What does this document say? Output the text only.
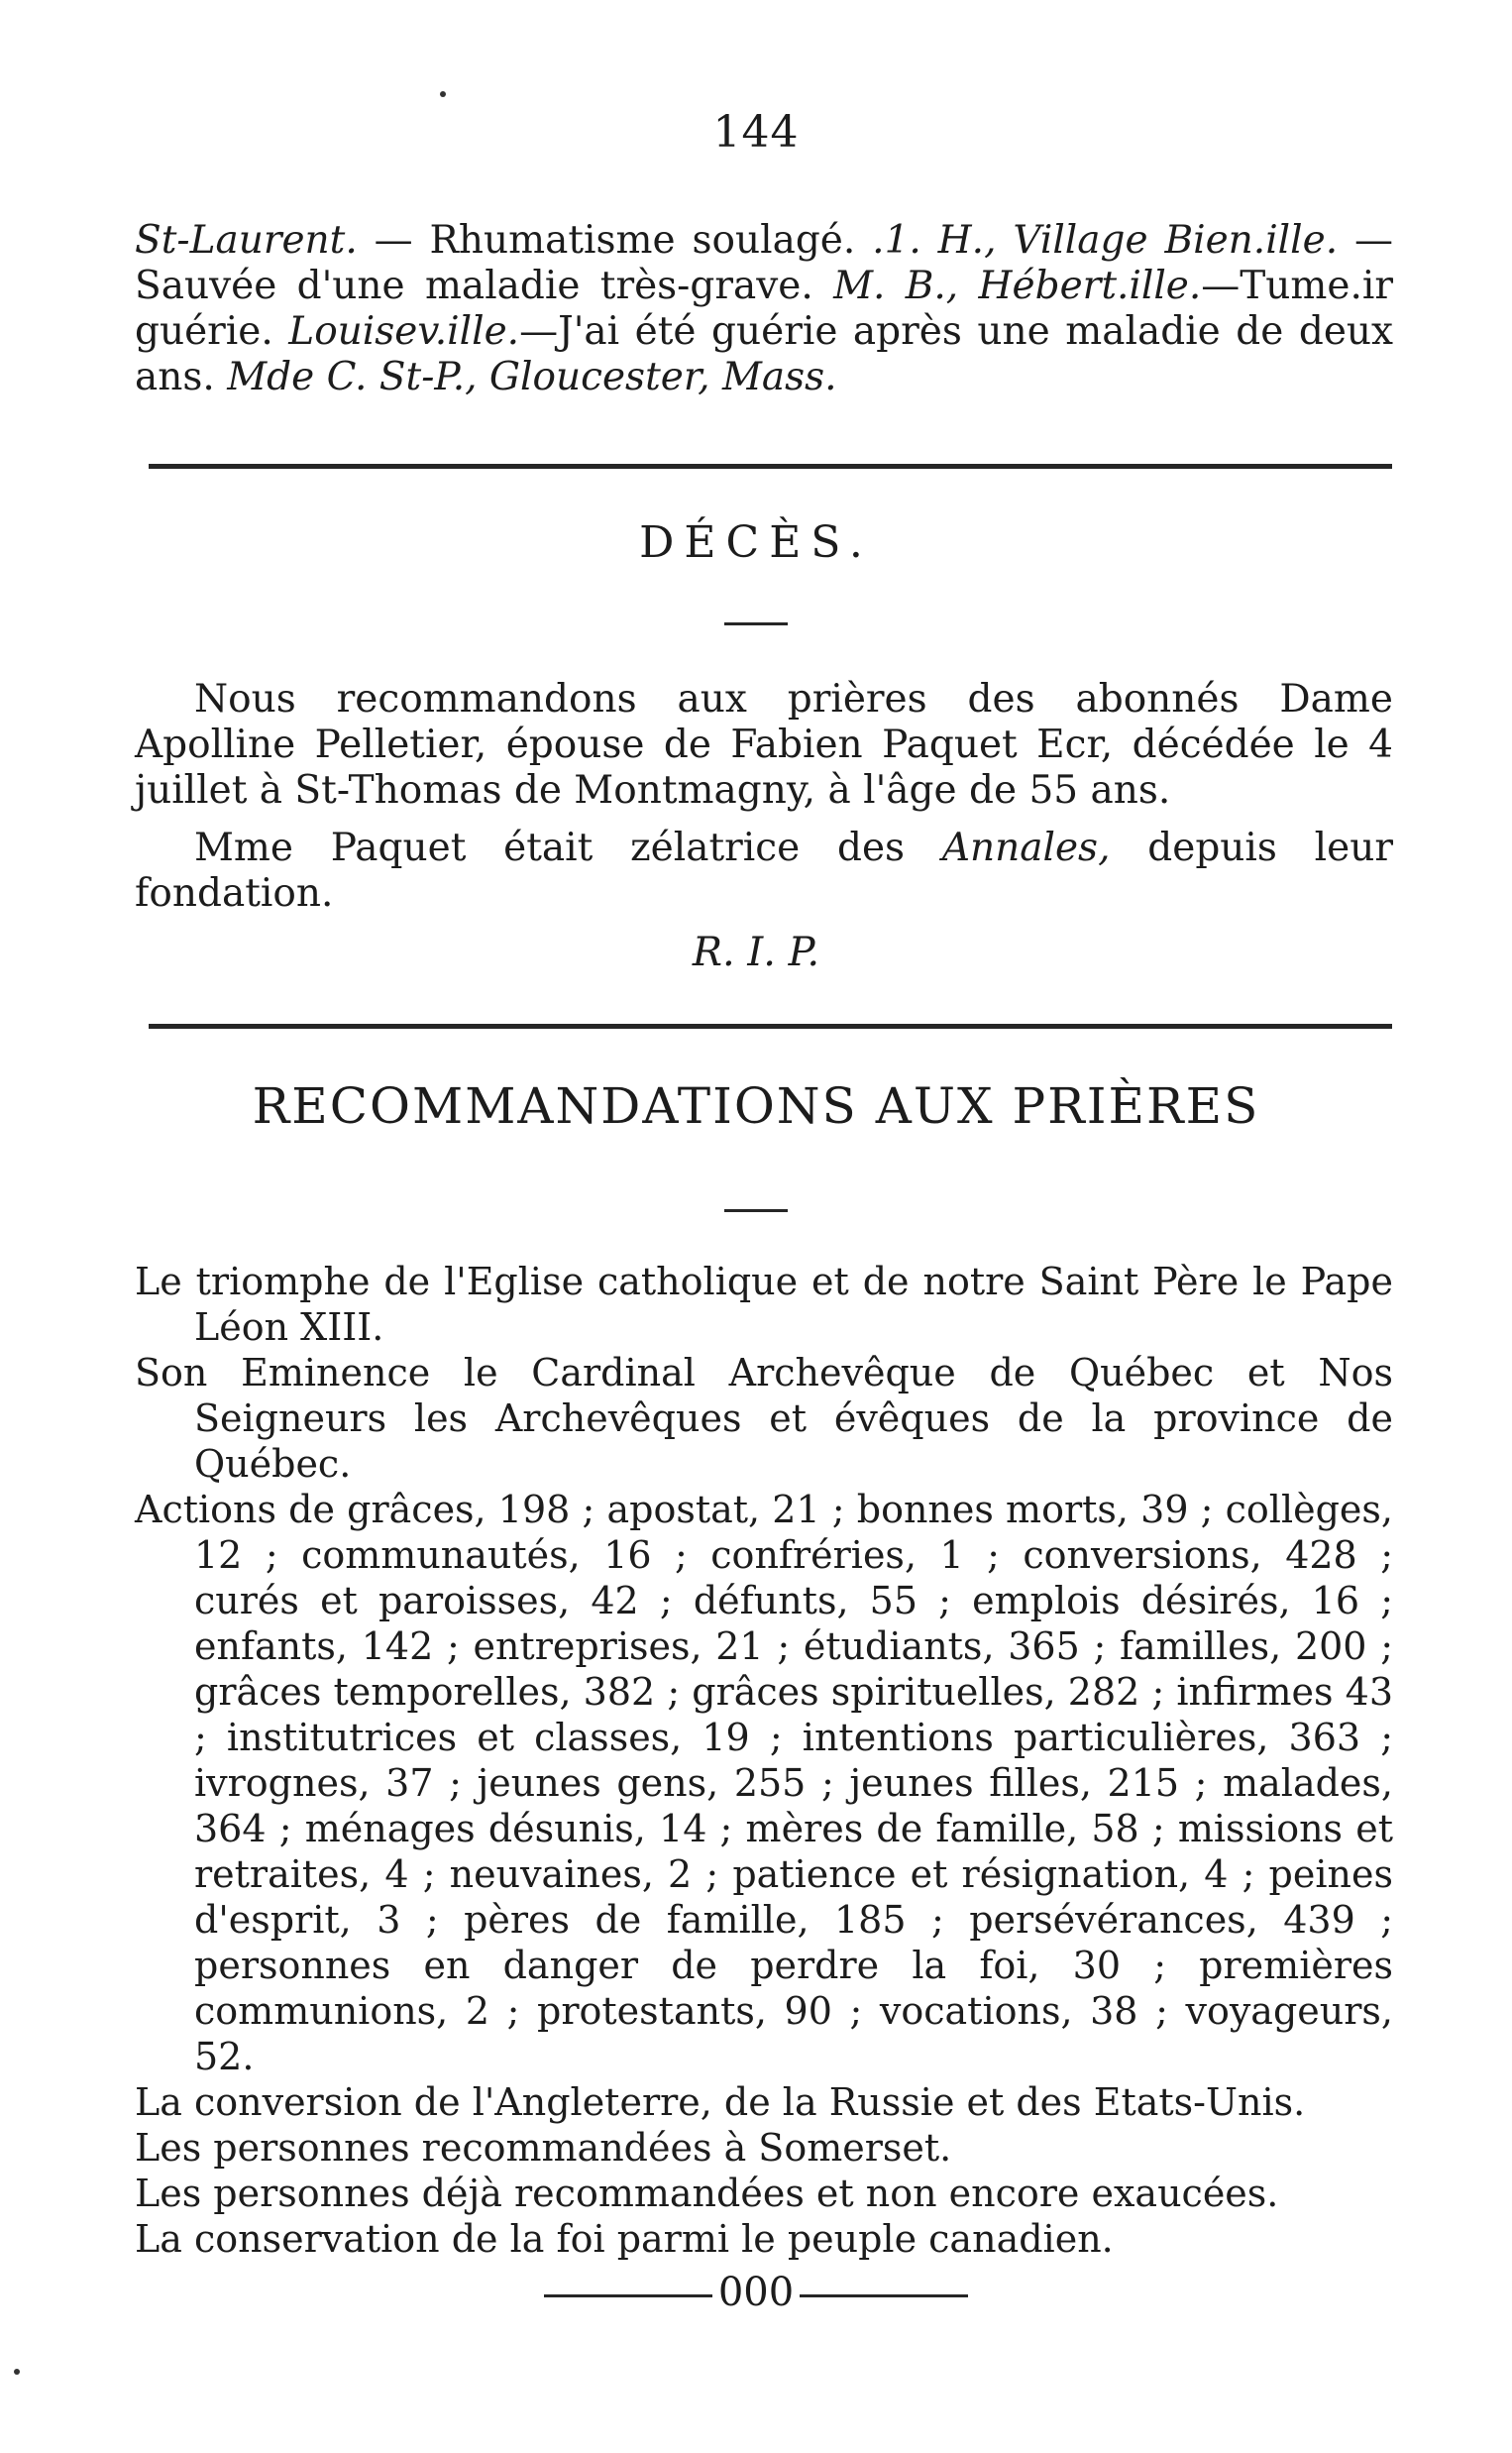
144

St-Laurent. — Rhumatisme soulagé. .1. H., Village Bien.ille. — Sauvée d'une maladie très-grave. M. B., Hébert.ille.—Tume.ir guérie. Louisev.ille.—J'ai été guérie après une maladie de deux ans. Mde C. St-P., Gloucester, Mass.

DÉCÈS.

Nous recommandons aux prières des abonnés Dame Apolline Pelletier, épouse de Fabien Paquet Ecr, décédée le 4 juillet à St-Thomas de Montmagny, à l'âge de 55 ans.

Mme Paquet était zélatrice des Annales, depuis leur fondation.

R. I. P.
RECOMMANDATIONS AUX PRIÈRES

Le triomphe de l'Eglise catholique et de notre Saint Père le Pape Léon XIII.

Son Eminence le Cardinal Archevêque de Québec et Nos Seigneurs les Archevêques et évêques de la province de Québec.

Actions de grâces, 198 ; apostat, 21 ; bonnes morts, 39 ; collèges, 12 ; communautés, 16 ; confréries, 1 ; conversions, 428 ; curés et paroisses, 42 ; défunts, 55 ; emplois désirés, 16 ; enfants, 142 ; entreprises, 21 ; étudiants, 365 ; familles, 200 ; grâces temporelles, 382 ; grâces spirituelles, 282 ; infirmes 43 ; institutrices et classes, 19 ; intentions particulières, 363 ; ivrognes, 37 ; jeunes gens, 255 ; jeunes filles, 215 ; malades, 364 ; ménages désunis, 14 ; mères de famille, 58 ; missions et retraites, 4 ; neuvaines, 2 ; patience et résignation, 4 ; peines d'esprit, 3 ; pères de famille, 185 ; persévérances, 439 ; personnes en danger de perdre la foi, 30 ; premières communions, 2 ; protestants, 90 ; vocations, 38 ; voyageurs, 52.

La conversion de l'Angleterre, de la Russie et des Etats-Unis.

Les personnes recommandées à Somerset.

Les personnes déjà recommandées et non encore exaucées.

La conservation de la foi parmi le peuple canadien.

000
